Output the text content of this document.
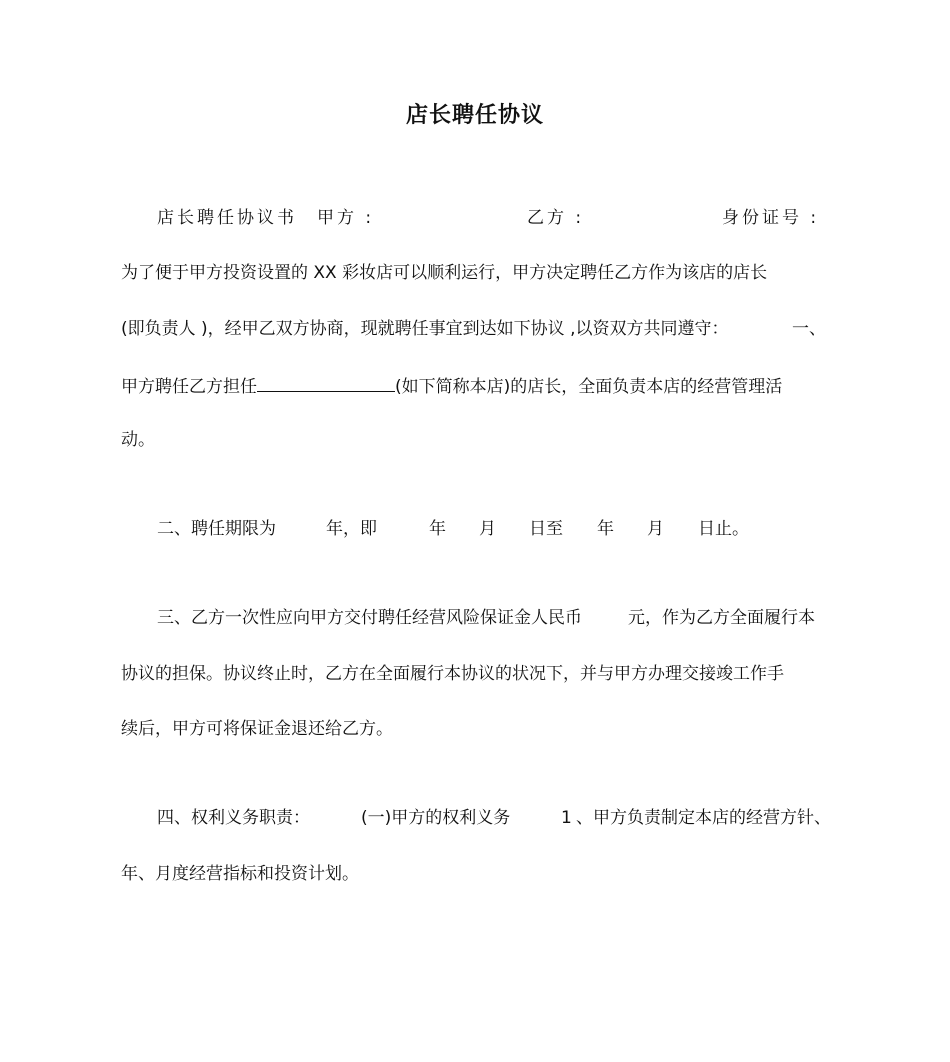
店长聘任协议
店长聘任协议书 甲方 :	乙方 :	身份证号 :
为了便于甲方投资设置的 XX 彩妆店可以顺利运行，甲方决定聘任乙方作为该店的店长
(即负责人 )，经甲乙双方协商，现就聘任事宜到达如下协议 ,以资双方共同遵守：	一、
甲方聘任乙方担任	(如下简称本店)的店长，全面负责本店的经营管理活
动。
二、聘任期限为	年，即	年 月 日至 年 月 日止。
三、乙方一次性应向甲方交付聘任经营风险保证金人民币	元，作为乙方全面履行本
协议的担保。协议终止时，乙方在全面履行本协议的状况下，并与甲方办理交接竣工作手
续后，甲方可将保证金退还给乙方。
四、权利义务职责：	(一)甲方的权利义务	1 、甲方负责制定本店的经营方针、
年、月度经营指标和投资计划。
